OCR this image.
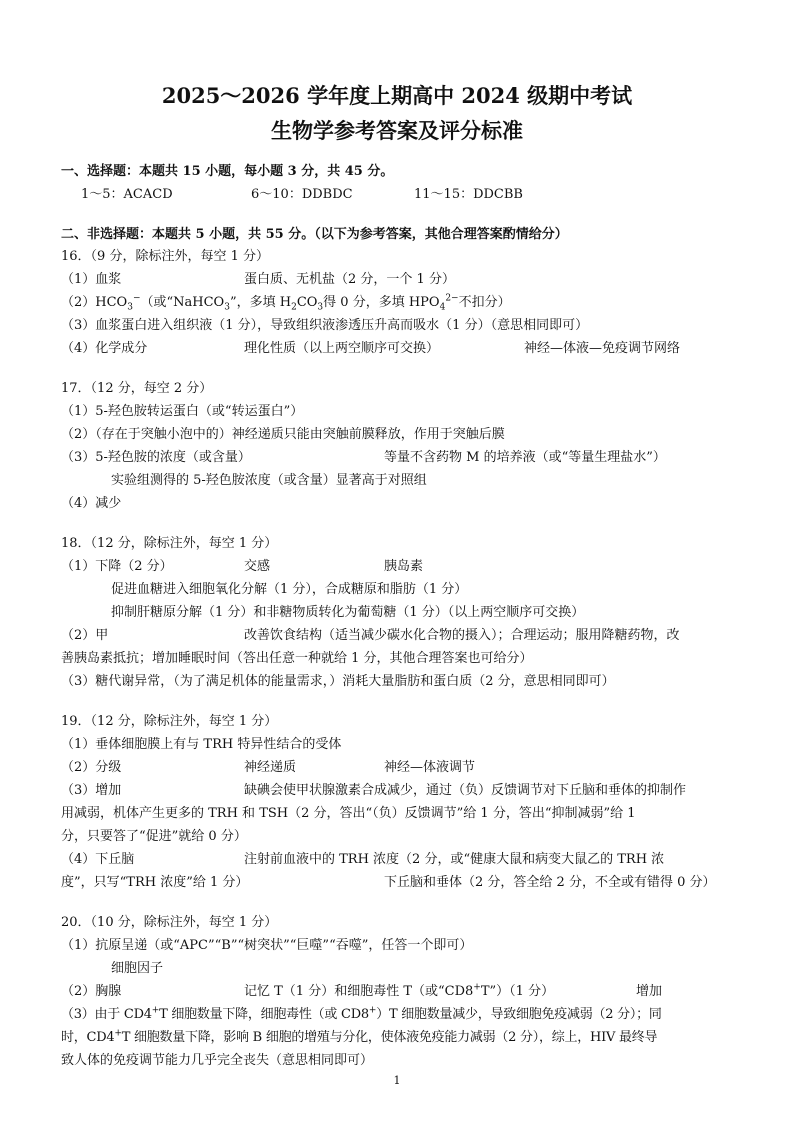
2025～2026 学年度上期高中 2024 级期中考试
生物学参考答案及评分标准
一、选择题：本题共 15 小题，每小题 3 分，共 45 分。
1～5：ACACD	6～10：DDBDC	11～15：DDCBB
二、非选择题：本题共 5 小题，共 55 分。（以下为参考答案，其他合理答案酌情给分）
16．（9 分，除标注外，每空 1 分）
（1）血浆	蛋白质、无机盐（2 分，一个 1 分）
$(2)HCO_3^-$（或“NaHCO$_3$”，多填 $H_2CO_3$得 0 分，多填 $HPO_4^{2-}$不扣分）
（3）血浆蛋白进入组织液（1 分），导致组织液渗透压升高而吸水（1 分）（意思相同即可）
（4）化学成分	理化性质（以上两空顺序可交换）	神经—体液—免疫调节网络
17．（12 分，每空 2 分）
（1）5-羟色胺转运蛋白（或“转运蛋白”）
（2）（存在于突触小泡中的）神经递质只能由突触前膜释放，作用于突触后膜
（3）5-羟色胺的浓度（或含量）	等量不含药物 M 的培养液（或“等量生理盐水”）
实验组测得的 5-羟色胺浓度（或含量）显著高于对照组
（4）减少
18．（12 分，除标注外，每空 1 分）
（1）下降（2 分）	交感	胰岛素
促进血糖进入细胞氧化分解（1 分），合成糖原和脂肪（1 分）
抑制肝糖原分解（1 分）和非糖物质转化为葡萄糖（1 分）（以上两空顺序可交换）
（2）甲	改善饮食结构（适当减少碳水化合物的摄入）；合理运动；服用降糖药物，改
善胰岛素抵抗；增加睡眠时间（答出任意一种就给 1 分，其他合理答案也可给分）
（3）糖代谢异常，（为了满足机体的能量需求，）消耗大量脂肪和蛋白质（2 分，意思相同即可）
19．（12 分，除标注外，每空 1 分）
（1）垂体细胞膜上有与 TRH 特异性结合的受体
（2）分级	神经递质	神经—体液调节
（3）增加	缺碘会使甲状腺激素合成减少，通过（负）反馈调节对下丘脑和垂体的抑制作
用减弱，机体产生更多的 TRH 和 TSH（2 分，答出“（负）反馈调节”给 1 分，答出“抑制减弱”给 1
分，只要答了“促进”就给 0 分）
（4）下丘脑	注射前血液中的 TRH 浓度（2 分，或“健康大鼠和病变大鼠乙的 TRH 浓
度”，只写“TRH 浓度”给 1 分）	下丘脑和垂体（2 分，答全给 2 分，不全或有错得 0 分）
20．（10 分，除标注外，每空 1 分）
（1）抗原呈递（或“APC”“B”“树突状”“巨噬”“吞噬”，任答一个即可）
细胞因子
（2）胸腺	记忆 T（1 分）和细胞毒性 T（或“CD8+T”）（1 分）	增加
（3）由于 CD4+T 细胞数量下降，细胞毒性（或 CD8+）T 细胞数量减少，导致细胞免疫减弱（2 分）；同
时，CD4+T 细胞数量下降，影响 B 细胞的增殖与分化，使体液免疫能力减弱（2 分），综上，HIV 最终导
致人体的免疫调节能力几乎完全丧失（意思相同即可）
1
